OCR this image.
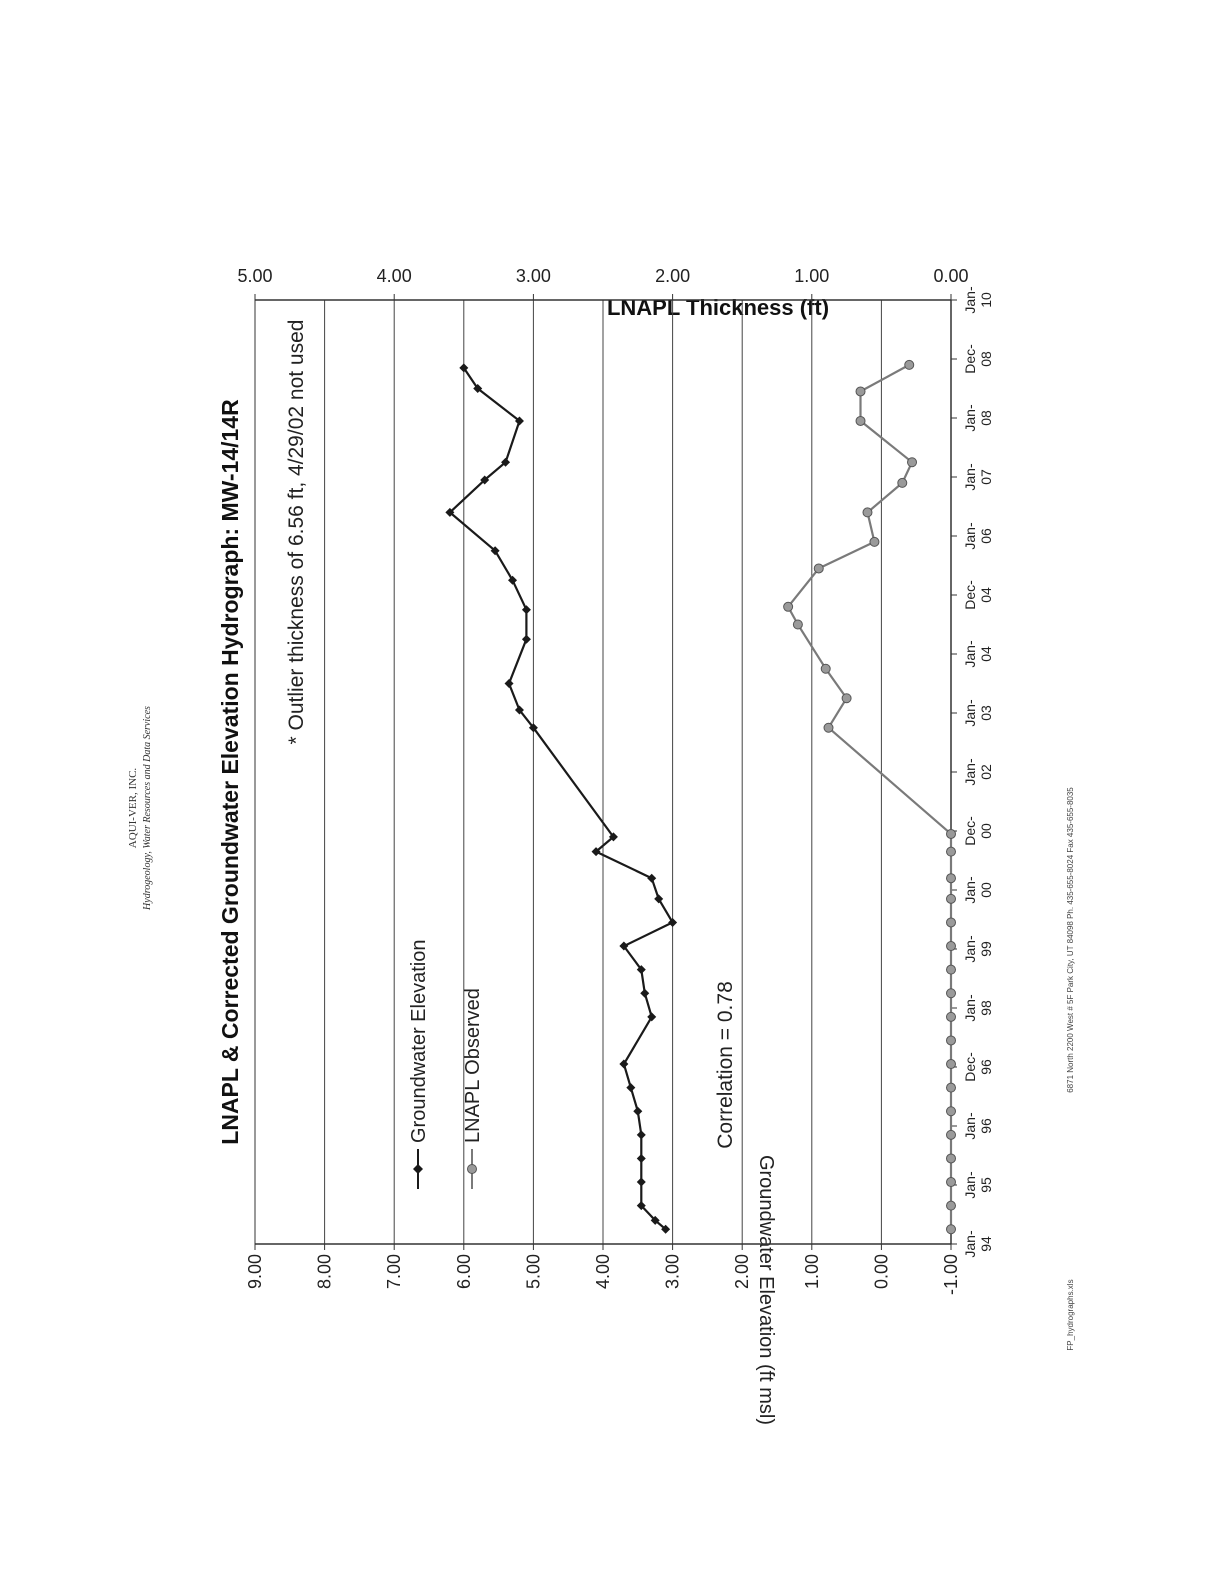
AQUI-VER, INC. Hydrogeology, Water Resources and Data Services	6871 North 2200 West # 5F Park City, UT 84098 Ph. 435-655-8024 Fax 435-655-8035
FP_hydrographs.xls
LNAPL & Corrected Groundwater Elevation Hydrograph: MW-14/14R * Outlier thickness of 6.56 ft, 4/29/02 not used
Correlation = 0.78
Groundwater Elevation (ft msl)
LNAPL Thickness (ft)
-1.00
0.00
1.00
2.00
3.00
4.00
5.00
6.00
7.00
8.00
9.00
0.00
1.00
2.00
3.00
4.00
5.00
Jan- 94
Jan- 95
Jan- 96
Dec- 96
Jan- 98
Jan- 99
Jan- 00
Dec- 00
Jan- 02
Jan- 03
Jan- 04
Dec- 04
Jan- 06
Jan- 07
Jan- 08
Dec- 08
Jan- 10
Groundwater Elevation LNAPL Observed
